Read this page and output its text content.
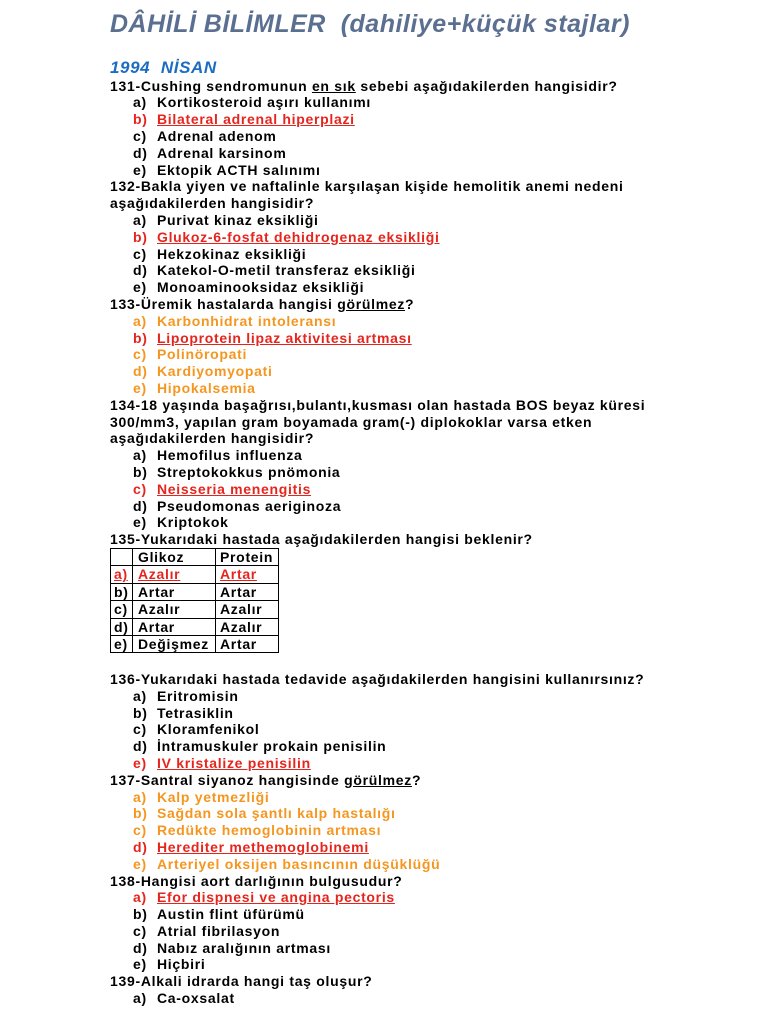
DÂHİLİ BİLİMLER  (dahiliye+küçük stajlar)
1994  NİSAN
131-Cushing sendromunun en sık sebebi aşağıdakilerden hangisidir?
a) Kortikosteroid aşırı kullanımı
b) Bilateral adrenal hiperplazi
c) Adrenal adenom
d) Adrenal karsinom
e) Ektopik ACTH salınımı
132-Bakla yiyen ve naftalinle karşılaşan kişide hemolitik anemi nedeni
aşağıdakilerden hangisidir?
a) Purivat kinaz eksikliği
b) Glukoz-6-fosfat dehidrogenaz eksikliği
c) Hekzokinaz eksikliği
d) Katekol-O-metil transferaz eksikliği
e) Monoaminooksidaz eksikliği
133-Üremik hastalarda hangisi görülmez?
a) Karbonhidrat intoleransı
b) Lipoprotein lipaz aktivitesi artması
c) Polinöropati
d) Kardiyomyopati
e) Hipokalsemia
134-18 yaşında başağrısı,bulantı,kusması olan hastada BOS beyaz küresi
300/mm3, yapılan gram boyamada gram(-) diplokoklar varsa etken
aşağıdakilerden hangisidir?
a) Hemofilus influenza
b) Streptokokkus pnömonia
c) Neisseria menengitis
d) Pseudomonas aeriginoza
e) Kriptokok
135-Yukarıdaki hastada aşağıdakilerden hangisi beklenir?
	Glikoz	Protein
a)	Azalır	Artar
b)	Artar	Artar
c)	Azalır	Azalır
d)	Artar	Azalır
e)	Değişmez	Artar
136-Yukarıdaki hastada tedavide aşağıdakilerden hangisini kullanırsınız?
a) Eritromisin
b) Tetrasiklin
c) Kloramfenikol
d) İntramuskuler prokain penisilin
e) IV kristalize penisilin
137-Santral siyanoz hangisinde görülmez?
a) Kalp yetmezliği
b) Sağdan sola şantlı kalp hastalığı
c) Redükte hemoglobinin artması
d) Herediter methemoglobinemi
e) Arteriyel oksijen basıncının düşüklüğü
138-Hangisi aort darlığının bulgusudur?
a) Efor dispnesi ve angina pectoris
b) Austin flint üfürümü
c) Atrial fibrilasyon
d) Nabız aralığının artması
e) Hiçbiri
139-Alkali idrarda hangi taş oluşur?
a) Ca-oxsalat
